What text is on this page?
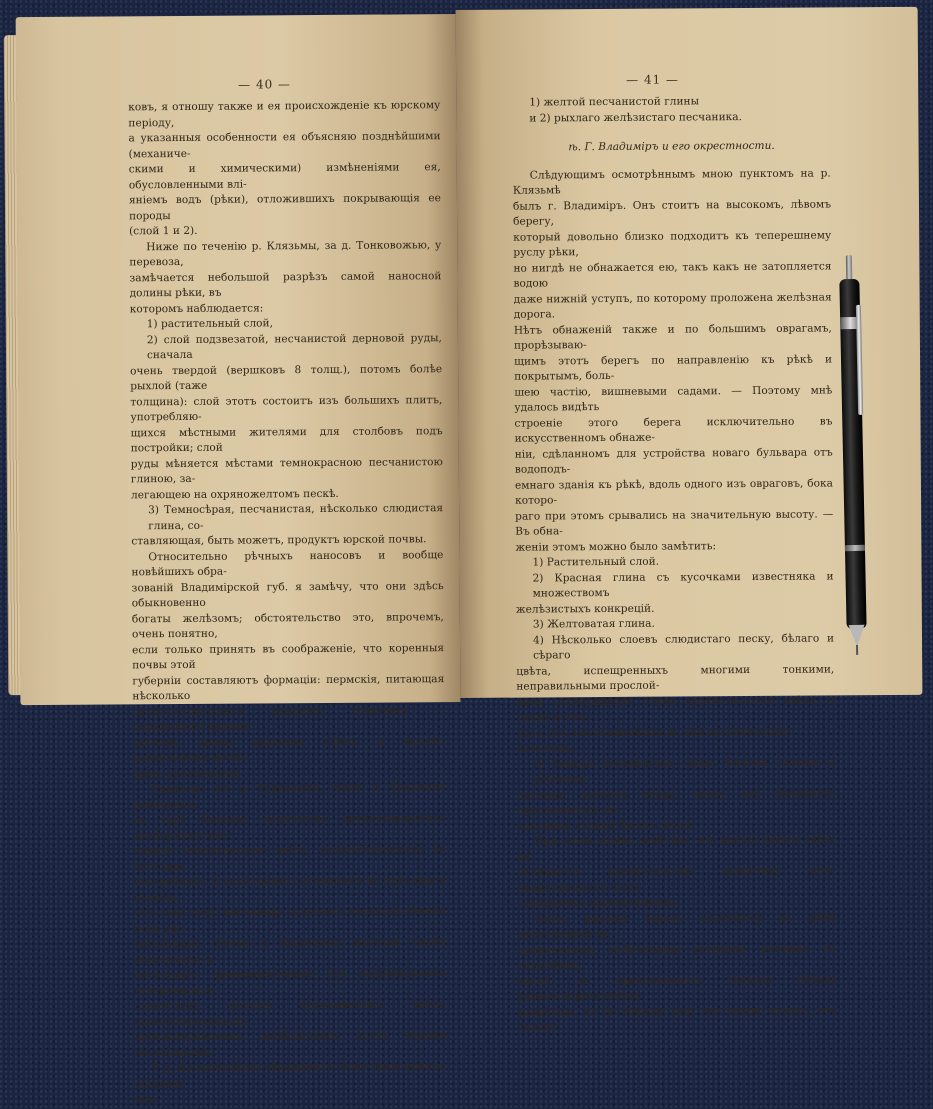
— 40 —

ковъ, я отношу также и ея происхожденіе къ юрскому періоду,

а указанныя особенности ея объясняю позднѣйшими (механиче-

скими и химическими) измѣненіями ея, обусловленными влі-

яніемъ водъ (рѣки), отложившихъ покрывающія ее породы

(слой 1 и 2).

Ниже по теченію р. Клязьмы, за д. Тонковожью, у перевоза,

замѣчается небольшой разрѣзъ самой наносной долины рѣки, въ

которомъ наблюдается:

1) растительный слой,

2) слой подзвезатой, несчанистой дерновой руды, сначала

очень твердой (вершковъ 8 толщ.), потомъ болѣе рыхлой (таже

толщина): слой этотъ состоитъ изъ большихъ плитъ, употребляю-

щихся мѣстными жителями для столбовъ подъ постройки; слой

руды мѣняется мѣстами темнокрасною песчанистою глиною, за-

легающею на охряножелтомъ пескѣ.

3) Темносѣрая, песчанистая, нѣсколько слюдистая глина, со-

ставляющая, быть можетъ, продуктъ юрской почвы.

Относительно рѣчныхъ наносовъ и вообще новѣйшихъ обра-

зованій Владимірской губ. я замѣчу, что они здѣсь обыкновенно

богаты желѣзомъ; обстоятельство это, впрочемъ, очень понятно,

если только принять въ соображеніе, что коренныя почвы этой

губерніи составляютъ формаціи: пермскія, питающая нѣсколько

чугуноплавильныхъ заводовъ, тріасовыя — поражающія яркимъ

цвѣтомъ своихъ красныхъ глинъ, и юрскія, изобилующія желѣз-

нымъ колчеданомъ.

Недалеко отъ д. Тонковожи, близъ д. Кадыевой добывалось

въ горѣ большое количество крупнозернистаго желѣзистаго пес-

чаника темнокраснаго цвѣта, употреблявшагося на бутъ при

постройкахъ. Я осматривалъ оставшіяся въ горѣ ямы и нашелъ,

что слой этого песчаника залегаетъ непосредственно подъ рас-

тительнымъ слоемъ и заключаетъ мѣстами глыбы конгломерата,

состоящаго преимущественно изъ неправильныхъ отвердѣвшихъ

глинистыхъ кусковъ охряножелтаго цвѣта, сцементированныхъ

крупнозернистымъ, желѣзистымъ, почти черным песчаникомъ.

У д. Колокольницы обнажаются тоже одни наносы, состоящ.

изъ:

— 41 —

1) желтой песчанистой глины

и 2) рыхлаго желѣзистаго песчаника.

ѣ. Г. Владиміръ и его окрестности.

Слѣдующимъ осмотрѣннымъ мною пунктомъ на р. Клязьмѣ

былъ г. Владиміръ. Онъ стоитъ на высокомъ, лѣвомъ берегу,

который довольно близко подходитъ къ теперешнему руслу рѣки,

но нигдѣ не обнажается ею, такъ какъ не затопляется водою

даже нижній уступъ, по которому проложена желѣзная дорога.

Нѣтъ обнаженій также и по большимъ оврагамъ, прорѣзываю-

щимъ этотъ берегъ по направленію къ рѣкѣ и покрытымъ, боль-

шею частію, вишневыми садами. — Поэтому мнѣ удалось видѣть

строеніе этого берега исключительно въ искусственномъ обнаже-

ніи, сдѣланномъ для устройства новаго бульвара отъ водоподъ-

емнаго зданія къ рѣкѣ, вдоль одного изъ овраговъ, бока которо-

раго при этомъ срывались на значительную высоту. — Въ обна-

женіи этомъ можно было замѣтить:

1) Растительный слой.

2) Красная глина съ кусочками известняка и множествомъ

желѣзистыхъ конкрецій.

3) Желтоватая глина.

4) Нѣсколько слоевъ слюдистаго песку, бѣлаго и сѣраго

цвѣта, испещренныхъ многими тонкими, неправильными прослой-

ками затвердѣвшей глины охряно-желтаго цвѣта, а также и тем-

наго, отъ заключающихся въ ней органическихъ остатковъ.

5) Темная песчанистая глина, богатая слюдою и усѣянная

пятнами желтаго песку; книзу она начинаетъ прослоиваться не

толстыми слоями бѣлаго песку.

При этомъ нужно замѣтить, что напластованіе здѣсь не

отличается правильностію, напротивъ того, представляется часто

совершенно перепутаннымъ.

Этотъ высокій берегъ спускается къ рѣкѣ нѣсколькими не-

правильными, небольшими уступами, которые, къ сожалѣнію,

нигдѣ не представляютъ сколько нибудь удовлетворительныхъ

разрѣзовъ, но по общему виду ихъ можно думать, что только
